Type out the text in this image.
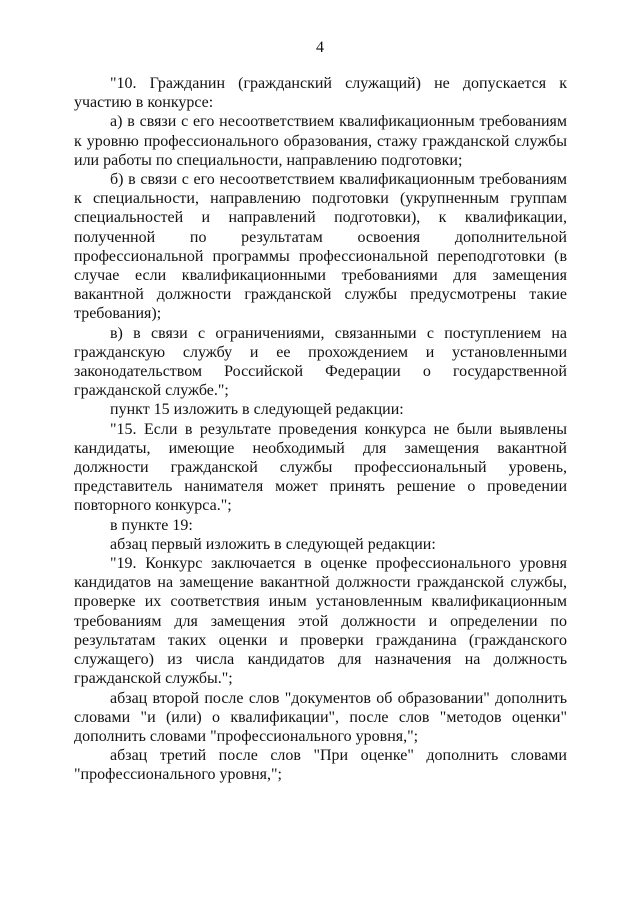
4

"10. Гражданин (гражданский служащий) не допускается к участию в конкурсе:

а) в связи с его несоответствием квалификационным требованиям к уровню профессионального образования, стажу гражданской службы или работы по специальности, направлению подготовки;

б) в связи с его несоответствием квалификационным требованиям к специальности, направлению подготовки (укрупненным группам специальностей и направлений подготовки), к квалификации, полученной по результатам освоения дополнительной профессиональной программы профессиональной переподготовки (в случае если квалификационными требованиями для замещения вакантной должности гражданской службы предусмотрены такие требования);

в) в связи с ограничениями, связанными с поступлением на гражданскую службу и ее прохождением и установленными законодательством Российской Федерации о государственной гражданской службе.";

пункт 15 изложить в следующей редакции:

"15. Если в результате проведения конкурса не были выявлены кандидаты, имеющие необходимый для замещения вакантной должности гражданской службы профессиональный уровень, представитель нанимателя может принять решение о проведении повторного конкурса.";

в пункте 19:

абзац первый изложить в следующей редакции:

"19. Конкурс заключается в оценке профессионального уровня кандидатов на замещение вакантной должности гражданской службы, проверке их соответствия иным установленным квалификационным требованиям для замещения этой должности и определении по результатам таких оценки и проверки гражданина (гражданского служащего) из числа кандидатов для назначения на должность гражданской службы.";

абзац второй после слов "документов об образовании" дополнить словами "и (или) о квалификации", после слов "методов оценки" дополнить словами "профессионального уровня,";

абзац третий после слов "При оценке" дополнить словами "профессионального уровня,";
